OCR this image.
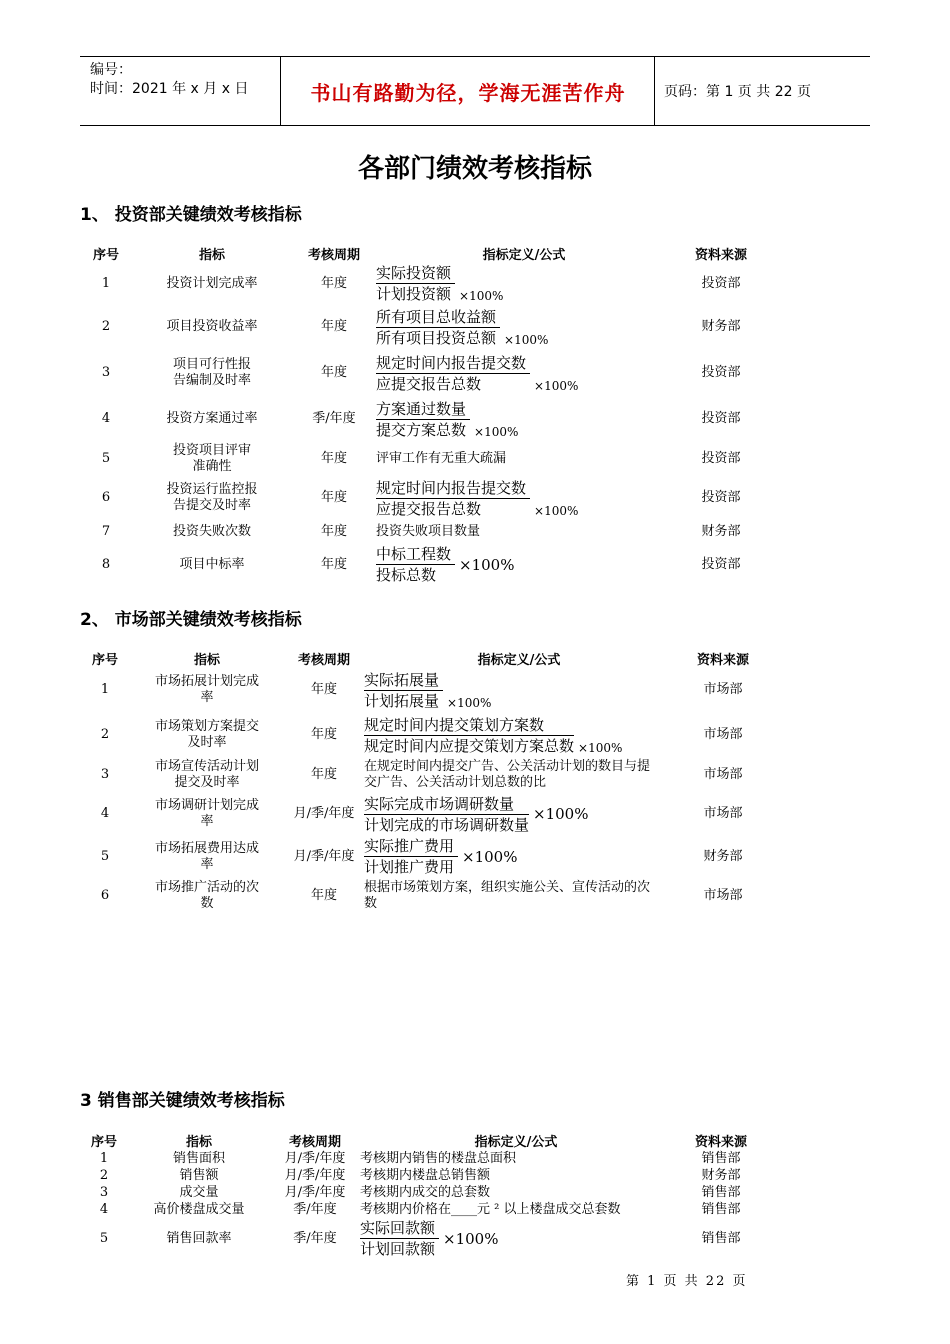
编号：
时间：2021 年 x 月 x 日	书山有路勤为径，学海无涯苦作舟	页码：第 1 页 共 22 页
各部门绩效考核指标
1、 投资部关键绩效考核指标
序号	指标	考核周期	指标定义/公式	资料来源
1	投资计划完成率	年度	$\frac{\text{实际投资额}}{\text{计划投资额}} \times 100\%$	投资部
2	项目投资收益率	年度	$\frac{\text{所有项目总收益额}}{\text{所有项目投资总额}} \times 100\%$	财务部
3	项目可行性报告编制及时率	年度	$\frac{\text{规定时间内报告提交数}}{\text{应提交报告总数}} \times 100\%$	投资部
4	投资方案通过率	季/年度	$\frac{\text{方案通过数量}}{\text{提交方案总数}} \times 100\%$	投资部
5	投资项目评审准确性	年度	评审工作有无重大疏漏	投资部
6	投资运行监控报告提交及时率	年度	$\frac{\text{规定时间内报告提交数}}{\text{应提交报告总数}} \times 100\%$	投资部
7	投资失败次数	年度	投资失败项目数量	财务部
8	项目中标率	年度	$\frac{\text{中标工程数}}{\text{投标总数}} \times 100\%$	投资部
2、 市场部关键绩效考核指标
序号	指标	考核周期	指标定义/公式	资料来源
1	市场拓展计划完成率	年度	$\frac{\text{实际拓展量}}{\text{计划拓展量}} \times 100\%$	市场部
2	市场策划方案提交及时率	年度	$\frac{\text{规定时间内提交策划方案数}}{\text{规定时间内应提交策划方案总数}} \times 100\%$	市场部
3	市场宣传活动计划提交及时率	年度	在规定时间内提交广告、公关活动计划的数目与提交广告、公关活动计划总数的比	市场部
4	市场调研计划完成率	月/季/年度	$\frac{\text{实际完成市场调研数量}}{\text{计划完成的市场调研数量}} \times 100\%$	市场部
5	市场拓展费用达成率	月/季/年度	$\frac{\text{实际推广费用}}{\text{计划推广费用}} \times 100\%$	财务部
6	市场推广活动的次数	年度	根据市场策划方案，组织实施公关、宣传活动的次数	市场部
3 销售部关键绩效考核指标
序号	指标	考核周期	指标定义/公式	资料来源
1	销售面积	月/季/年度	考核期内销售的楼盘总面积	销售部
2	销售额	月/季/年度	考核期内楼盘总销售额	财务部
3	成交量	月/季/年度	考核期内成交的总套数	销售部
4	高价楼盘成交量	季/年度	考核期内价格在____元 ² 以上楼盘成交总套数	销售部
5	销售回款率	季/年度	$\frac{\text{实际回款额}}{\text{计划回款额}} \times 100\%$	销售部
第 1 页 共 22 页
